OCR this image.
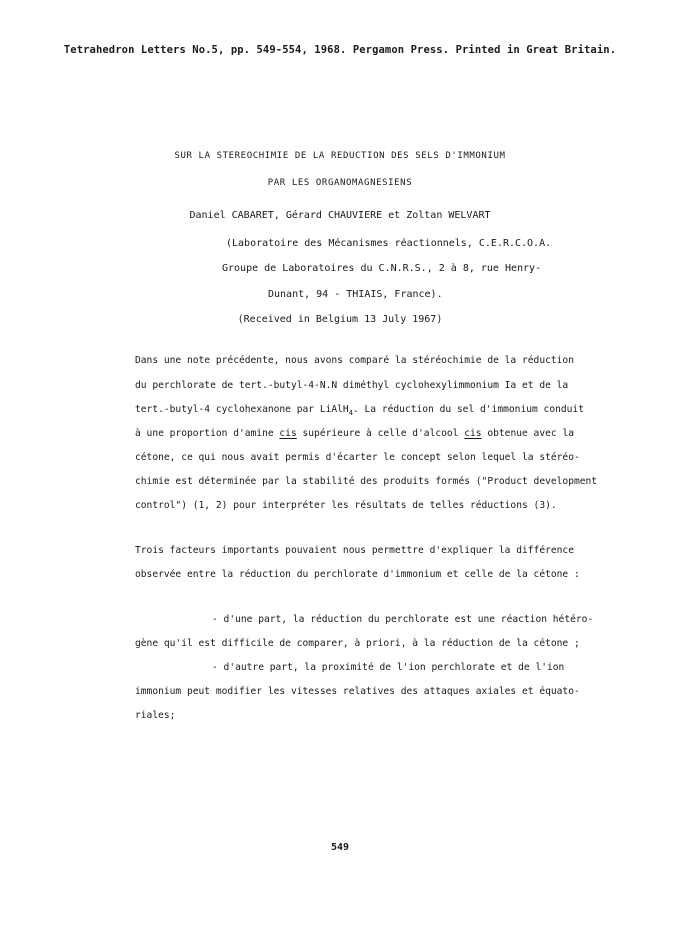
Tetrahedron Letters No.5, pp. 549-554, 1968. Pergamon Press. Printed in Great Britain.
SUR LA STEREOCHIMIE DE LA REDUCTION DES SELS D'IMMONIUM
PAR LES ORGANOMAGNESIENS
Daniel CABARET, Gérard CHAUVIERE et Zoltan WELVART
(Laboratoire des Mécanismes réactionnels, C.E.R.C.O.A.
Groupe de Laboratoires du C.N.R.S., 2 à 8, rue Henry-
Dunant, 94 - THIAIS, France).
(Received in Belgium 13 July 1967)
Dans une note précédente, nous avons comparé la stéréochimie de la réduction
du perchlorate de tert.-butyl-4-N.N diméthyl cyclohexylimmonium Ia et de la
tert.-butyl-4 cyclohexanone par LiAlH$_4$. La réduction du sel d'immonium conduit
à une proportion d'amine cis supérieure à celle d'alcool cis obtenue avec la
cétone, ce qui nous avait permis d'écarter le concept selon lequel la stéréo-
chimie est déterminée par la stabilité des produits formés ("Product development
control") (1, 2) pour interpréter les résultats de telles réductions (3).
Trois facteurs importants pouvaient nous permettre d'expliquer la différence
observée entre la réduction du perchlorate d'immonium et celle de la cétone :
- d'une part, la réduction du perchlorate est une réaction hétéro-
gène qu'il est difficile de comparer, à priori, à la réduction de la cétone ;
- d'autre part, la proximité de l'ion perchlorate et de l'ion
immonium peut modifier les vitesses relatives des attaques axiales et équato-
riales;
549
